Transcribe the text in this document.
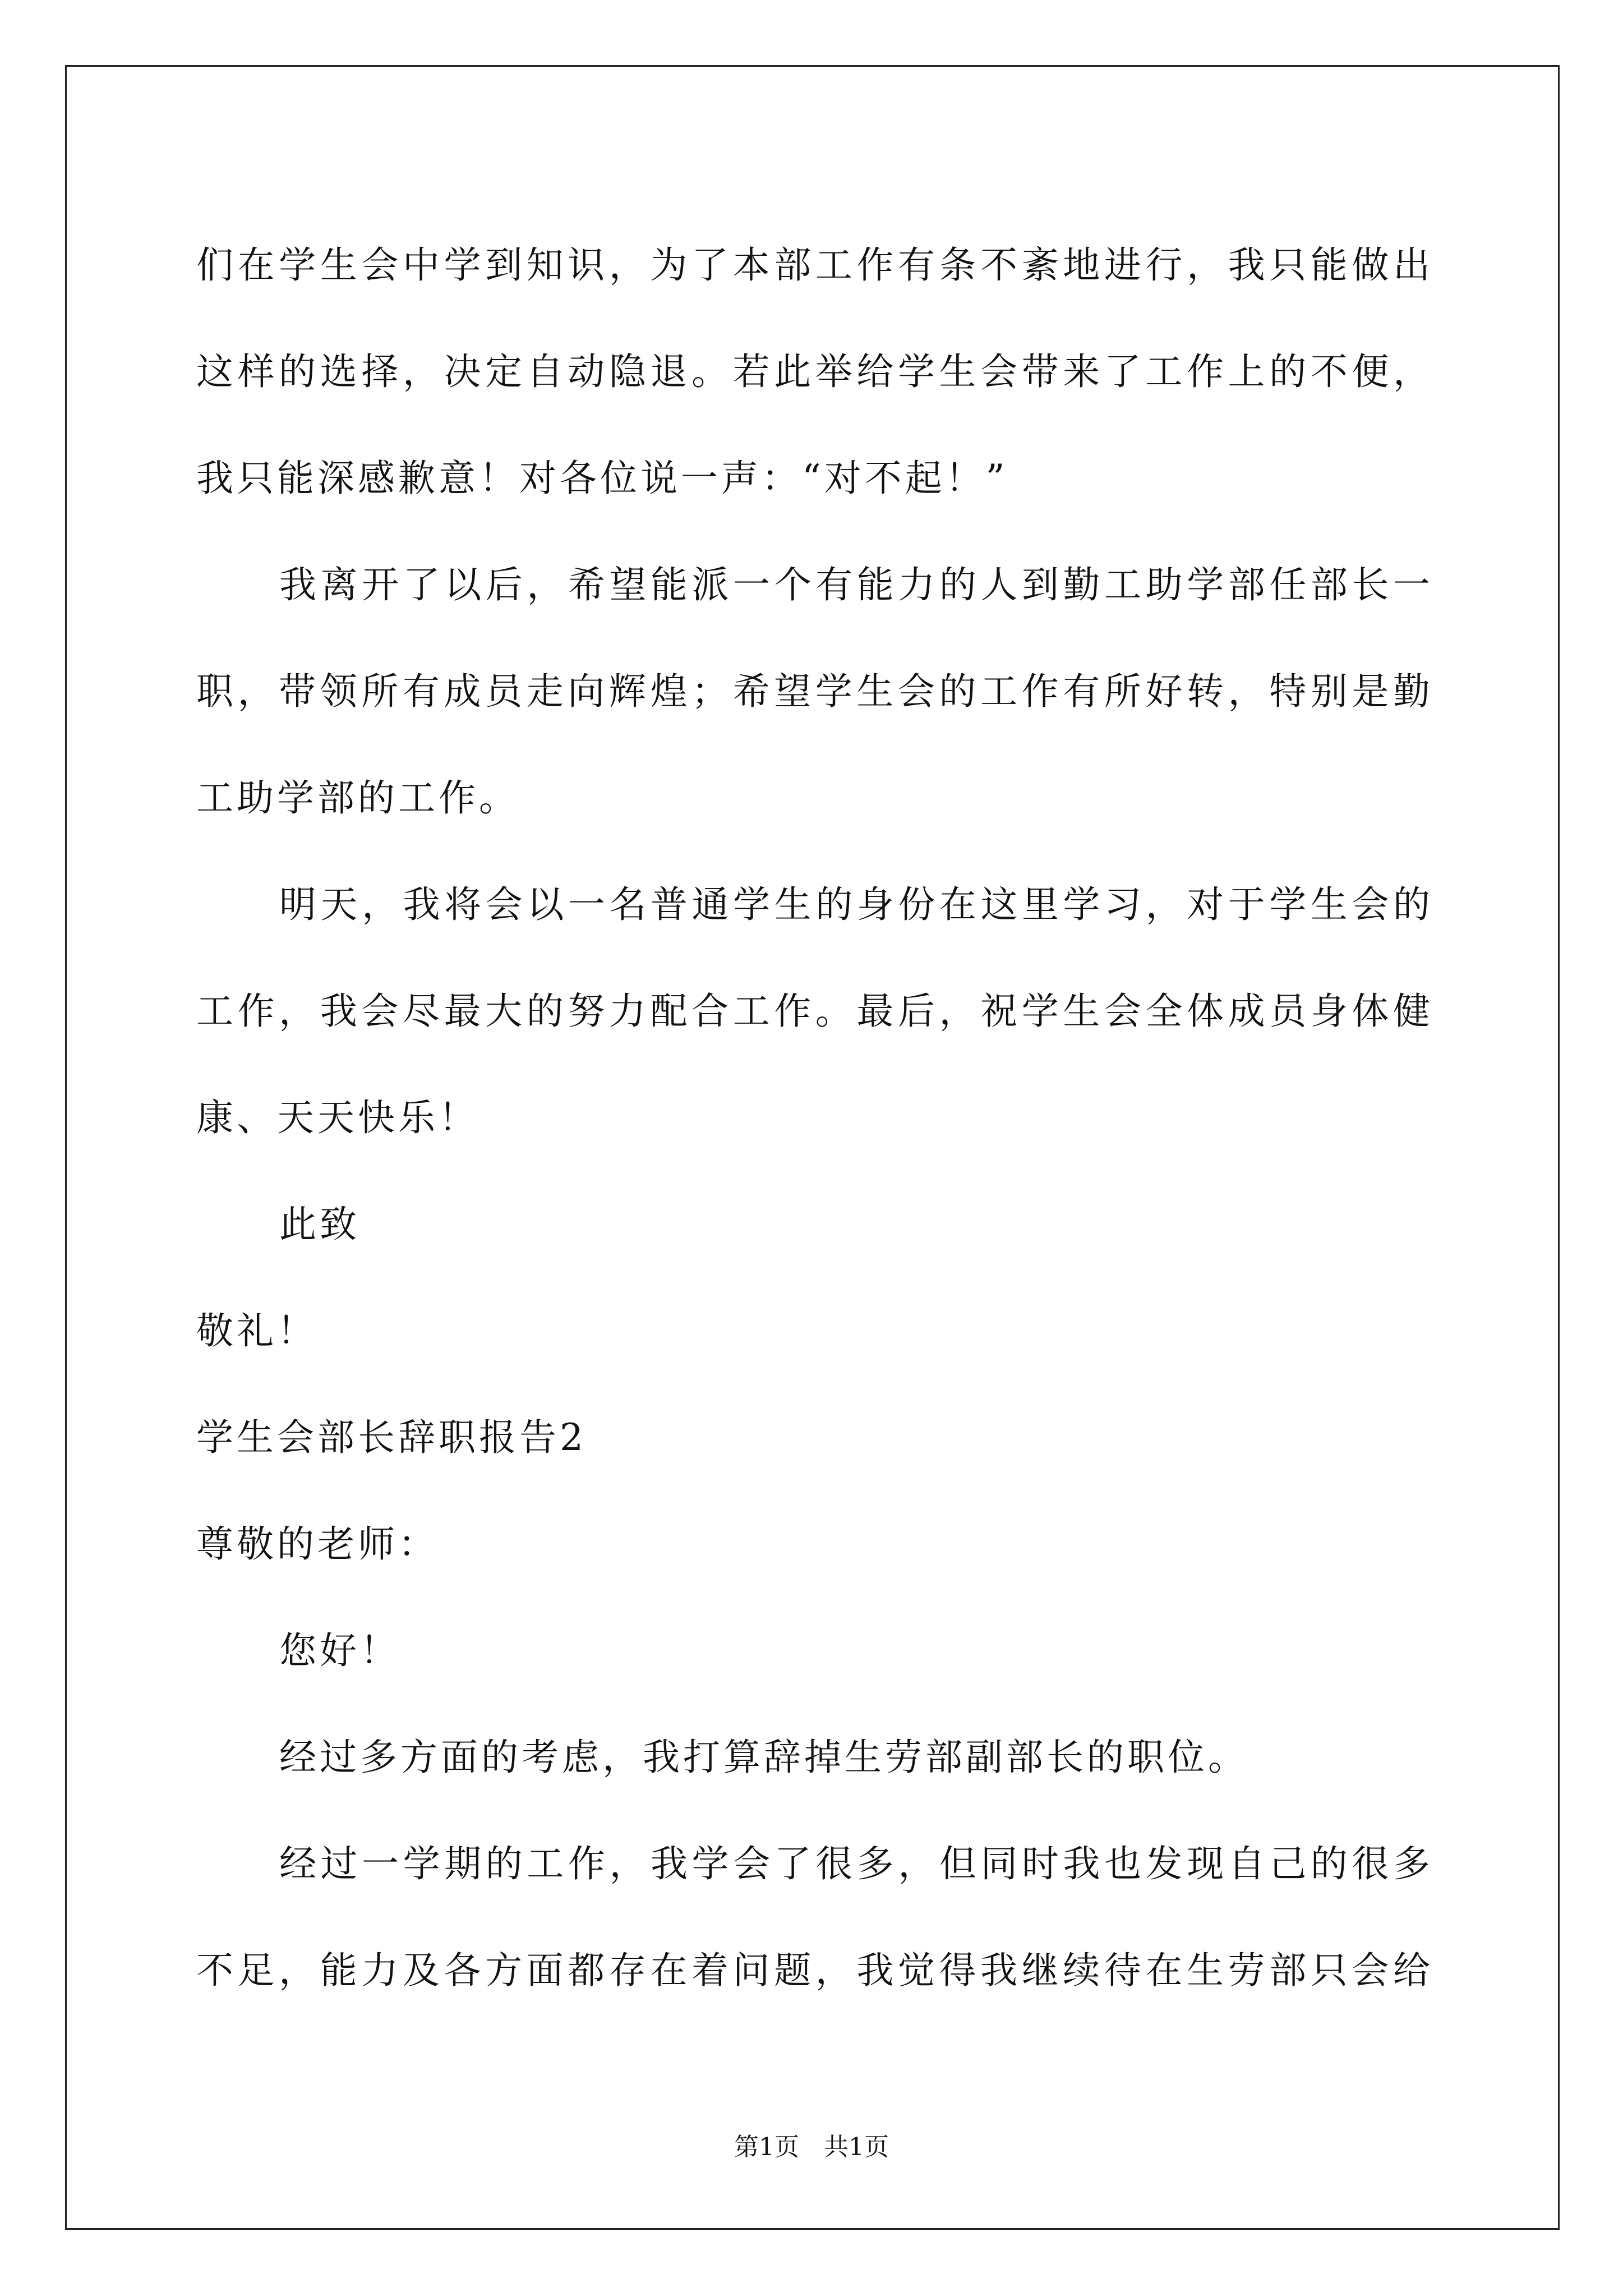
们在学生会中学到知识，为了本部工作有条不紊地进行，我只能做出
这样的选择，决定自动隐退。若此举给学生会带来了工作上的不便，
我只能深感歉意！对各位说一声：“对不起！”
我离开了以后，希望能派一个有能力的人到勤工助学部任部长一
职，带领所有成员走向辉煌；希望学生会的工作有所好转，特别是勤
工助学部的工作。
明天，我将会以一名普通学生的身份在这里学习，对于学生会的
工作，我会尽最大的努力配合工作。最后，祝学生会全体成员身体健
康、天天快乐！
此致
敬礼！
学生会部长辞职报告2
尊敬的老师：
您好！
经过多方面的考虑，我打算辞掉生劳部副部长的职位。
经过一学期的工作，我学会了很多，但同时我也发现自己的很多
不足，能力及各方面都存在着问题，我觉得我继续待在生劳部只会给
第1页　共1页
